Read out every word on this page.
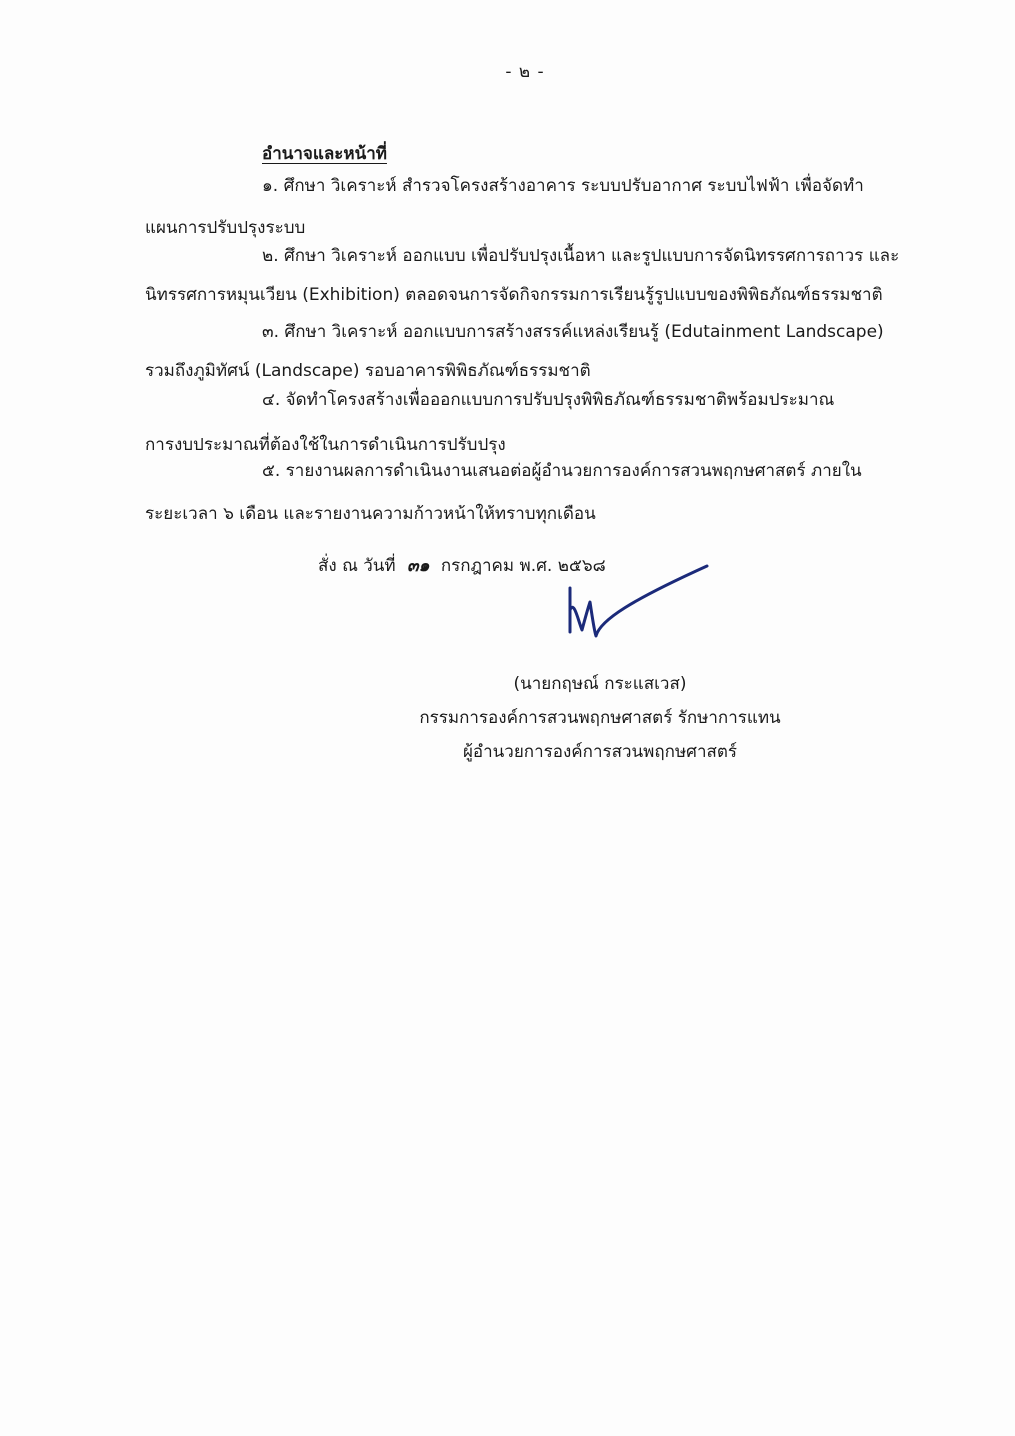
- ๒ -
อำนาจและหน้าที่
๑. ศึกษา วิเคราะห์ สำรวจโครงสร้างอาคาร ระบบปรับอากาศ ระบบไฟฟ้า เพื่อจัดทำ
แผนการปรับปรุงระบบ
๒. ศึกษา วิเคราะห์ ออกแบบ เพื่อปรับปรุงเนื้อหา และรูปแบบการจัดนิทรรศการถาวร และ
นิทรรศการหมุนเวียน (Exhibition) ตลอดจนการจัดกิจกรรมการเรียนรู้รูปแบบของพิพิธภัณฑ์ธรรมชาติ
๓. ศึกษา วิเคราะห์ ออกแบบการสร้างสรรค์แหล่งเรียนรู้ (Edutainment Landscape)
รวมถึงภูมิทัศน์ (Landscape) รอบอาคารพิพิธภัณฑ์ธรรมชาติ
๔. จัดทำโครงสร้างเพื่อออกแบบการปรับปรุงพิพิธภัณฑ์ธรรมชาติพร้อมประมาณ
การงบประมาณที่ต้องใช้ในการดำเนินการปรับปรุง
๕. รายงานผลการดำเนินงานเสนอต่อผู้อำนวยการองค์การสวนพฤกษศาสตร์ ภายใน
ระยะเวลา ๖ เดือน และรายงานความก้าวหน้าให้ทราบทุกเดือน
สั่ง ณ วันที่ ๓๑ กรกฎาคม พ.ศ. ๒๕๖๘
(นายกฤษณ์ กระแสเวส)
กรรมการองค์การสวนพฤกษศาสตร์ รักษาการแทน
ผู้อำนวยการองค์การสวนพฤกษศาสตร์
